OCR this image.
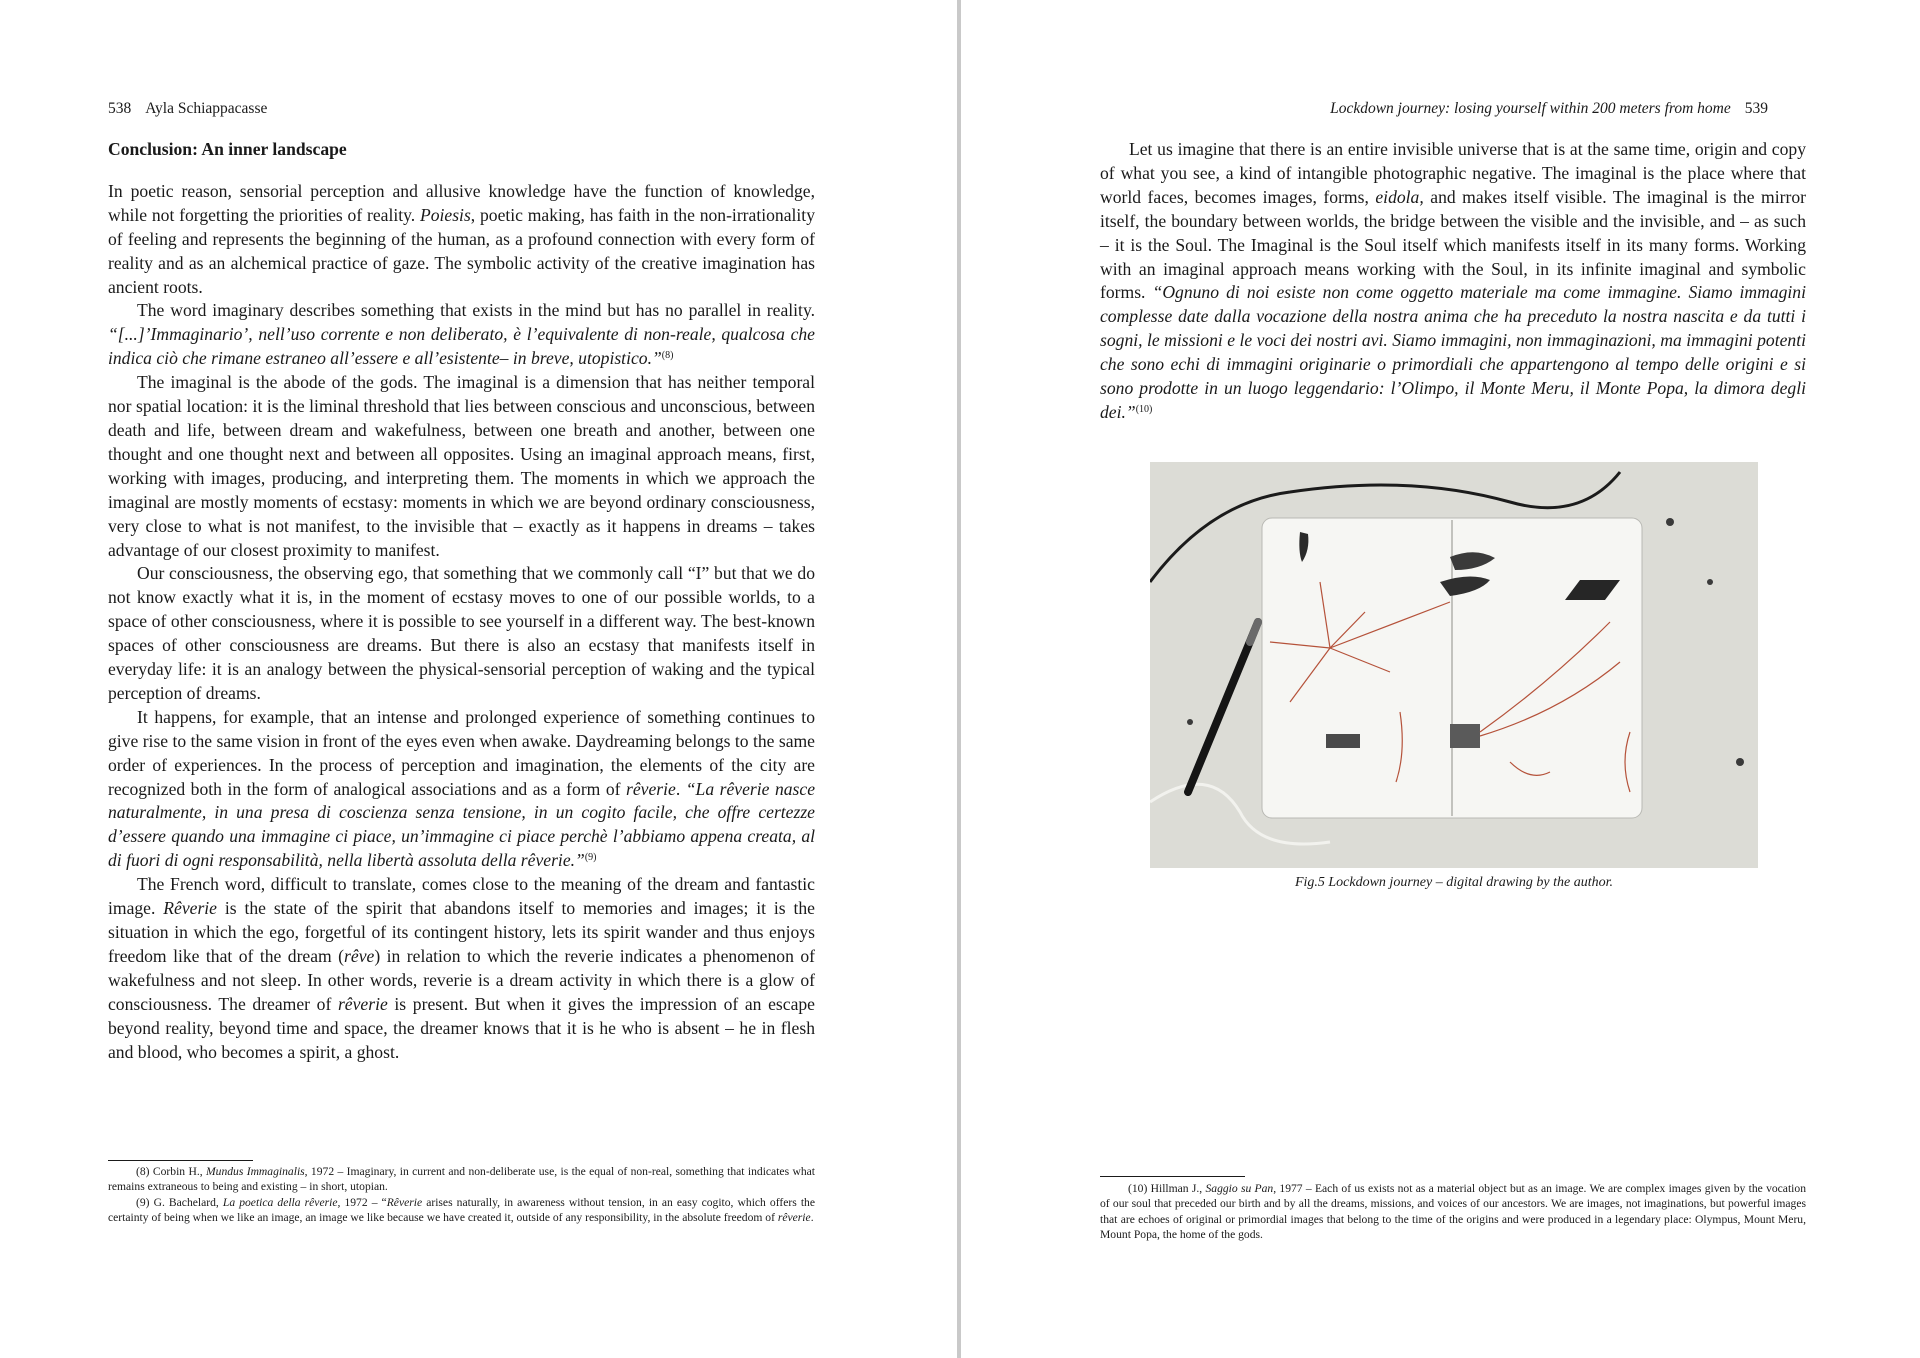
538 Ayla Schiappacasse
Conclusion: An inner landscape

In poetic reason, sensorial perception and allusive knowledge have the function of knowledge, while not forgetting the priorities of reality. Poiesis, poetic making, has faith in the non-irrationality of feeling and represents the beginning of the human, as a profound connection with every form of reality and as an alchemical practice of gaze. The symbolic activity of the creative imagination has ancient roots.

The word imaginary describes something that exists in the mind but has no parallel in reality. “[...]’Immaginario’, nell’uso corrente e non deliberato, è l’equivalente di non-reale, qualcosa che indica ciò che rimane estraneo all’essere e all’esistente– in breve, utopistico.”$^{(8)}$

The imaginal is the abode of the gods. The imaginal is a dimension that has neither temporal nor spatial location: it is the liminal threshold that lies between conscious and unconscious, between death and life, between dream and wakefulness, between one breath and another, between one thought and one thought next and between all opposites. Using an imaginal approach means, first, working with images, producing, and interpreting them. The moments in which we approach the imaginal are mostly moments of ecstasy: moments in which we are beyond ordinary consciousness, very close to what is not manifest, to the invisible that – exactly as it happens in dreams – takes advantage of our closest proximity to manifest.

Our consciousness, the observing ego, that something that we commonly call “I” but that we do not know exactly what it is, in the moment of ecstasy moves to one of our possible worlds, to a space of other consciousness, where it is possible to see yourself in a different way. The best-known spaces of other consciousness are dreams. But there is also an ecstasy that manifests itself in everyday life: it is an analogy between the physical-sensorial perception of waking and the typical perception of dreams.

It happens, for example, that an intense and prolonged experience of something continues to give rise to the same vision in front of the eyes even when awake. Daydreaming belongs to the same order of experiences. In the process of perception and imagination, the elements of the city are recognized both in the form of analogical associations and as a form of rêverie. “La rêverie nasce naturalmente, in una presa di coscienza senza tensione, in un cogito facile, che offre certezze d’essere quando una immagine ci piace, un’immagine ci piace perchè l’abbiamo appena creata, al di fuori di ogni responsabilità, nella libertà assoluta della rêverie.”$^{(9)}$

The French word, difficult to translate, comes close to the meaning of the dream and fantastic image. Rêverie is the state of the spirit that abandons itself to memories and images; it is the situation in which the ego, forgetful of its contingent history, lets its spirit wander and thus enjoys freedom like that of the dream (rêve) in relation to which the reverie indicates a phenomenon of wakefulness and not sleep. In other words, reverie is a dream activity in which there is a glow of consciousness. The dreamer of rêverie is present. But when it gives the impression of an escape beyond reality, beyond time and space, the dreamer knows that it is he who is absent – he in flesh and blood, who becomes a spirit, a ghost.

(8) Corbin H., Mundus Immaginalis, 1972 – Imaginary, in current and non-deliberate use, is the equal of non-real, something that indicates what remains extraneous to being and existing – in short, utopian.

(9) G. Bachelard, La poetica della rêverie, 1972 – “Rêverie arises naturally, in awareness without tension, in an easy cogito, which offers the certainty of being when we like an image, an image we like because we have created it, outside of any responsibility, in the absolute freedom of rêverie.

Lockdown journey: losing yourself within 200 meters from home 539

Let us imagine that there is an entire invisible universe that is at the same time, origin and copy of what you see, a kind of intangible photographic negative. The imaginal is the place where that world faces, becomes images, forms, eidola, and makes itself visible. The imaginal is the mirror itself, the boundary between worlds, the bridge between the visible and the invisible, and – as such – it is the Soul. The Imaginal is the Soul itself which manifests itself in its many forms. Working with an imaginal approach means working with the Soul, in its infinite imaginal and symbolic forms. “Ognuno di noi esiste non come oggetto materiale ma come immagine. Siamo immagini complesse date dalla vocazione della nostra anima che ha preceduto la nostra nascita e da tutti i sogni, le missioni e le voci dei nostri avi. Siamo immagini, non immaginazioni, ma immagini potenti che sono echi di immagini originarie o primordiali che appartengono al tempo delle origini e si sono prodotte in un luogo leggendario: l’Olimpo, il Monte Meru, il Monte Popa, la dimora degli dei.”$^{(10)}$

Fig.5 Lockdown journey – digital drawing by the author.

(10) Hillman J., Saggio su Pan, 1977 – Each of us exists not as a material object but as an image. We are complex images given by the vocation of our soul that preceded our birth and by all the dreams, missions, and voices of our ancestors. We are images, not imaginations, but powerful images that are echoes of original or primordial images that belong to the time of the origins and were produced in a legendary place: Olympus, Mount Meru, Mount Popa, the home of the gods.
